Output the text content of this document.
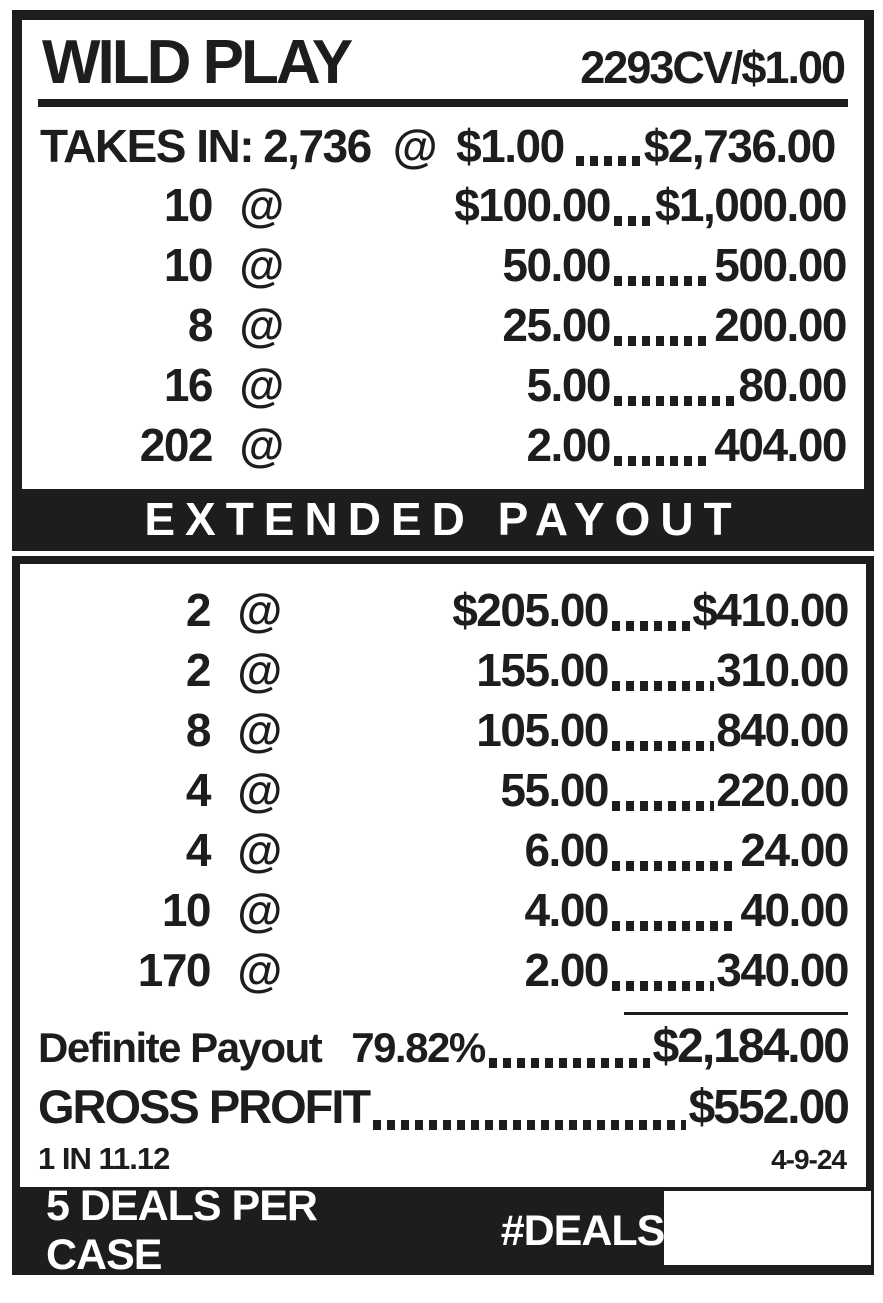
WILD PLAY	2293CV/$1.00
TAKES IN: 2,736 @ $1.00 $2,736.00
10 @	$100.00 $1,000.00
10 @	50.00 500.00
8 @	25.00 200.00
16 @	5.00	80.00
202 @	2.00 404.00
EXTENDED PAYOUT
2 @	$205.00 $410.00
2 @	155.00 310.00
8 @	105.00 840.00
4 @	55.00 220.00
4 @	6.00	24.00
10 @	4.00	40.00
170 @	2.00 340.00
Definite Payout 79.82%	$2,184.00
GROSS PROFIT	$552.00
1 IN 11.12	4-9-24
5 DEALS PER CASE
#DEALS
